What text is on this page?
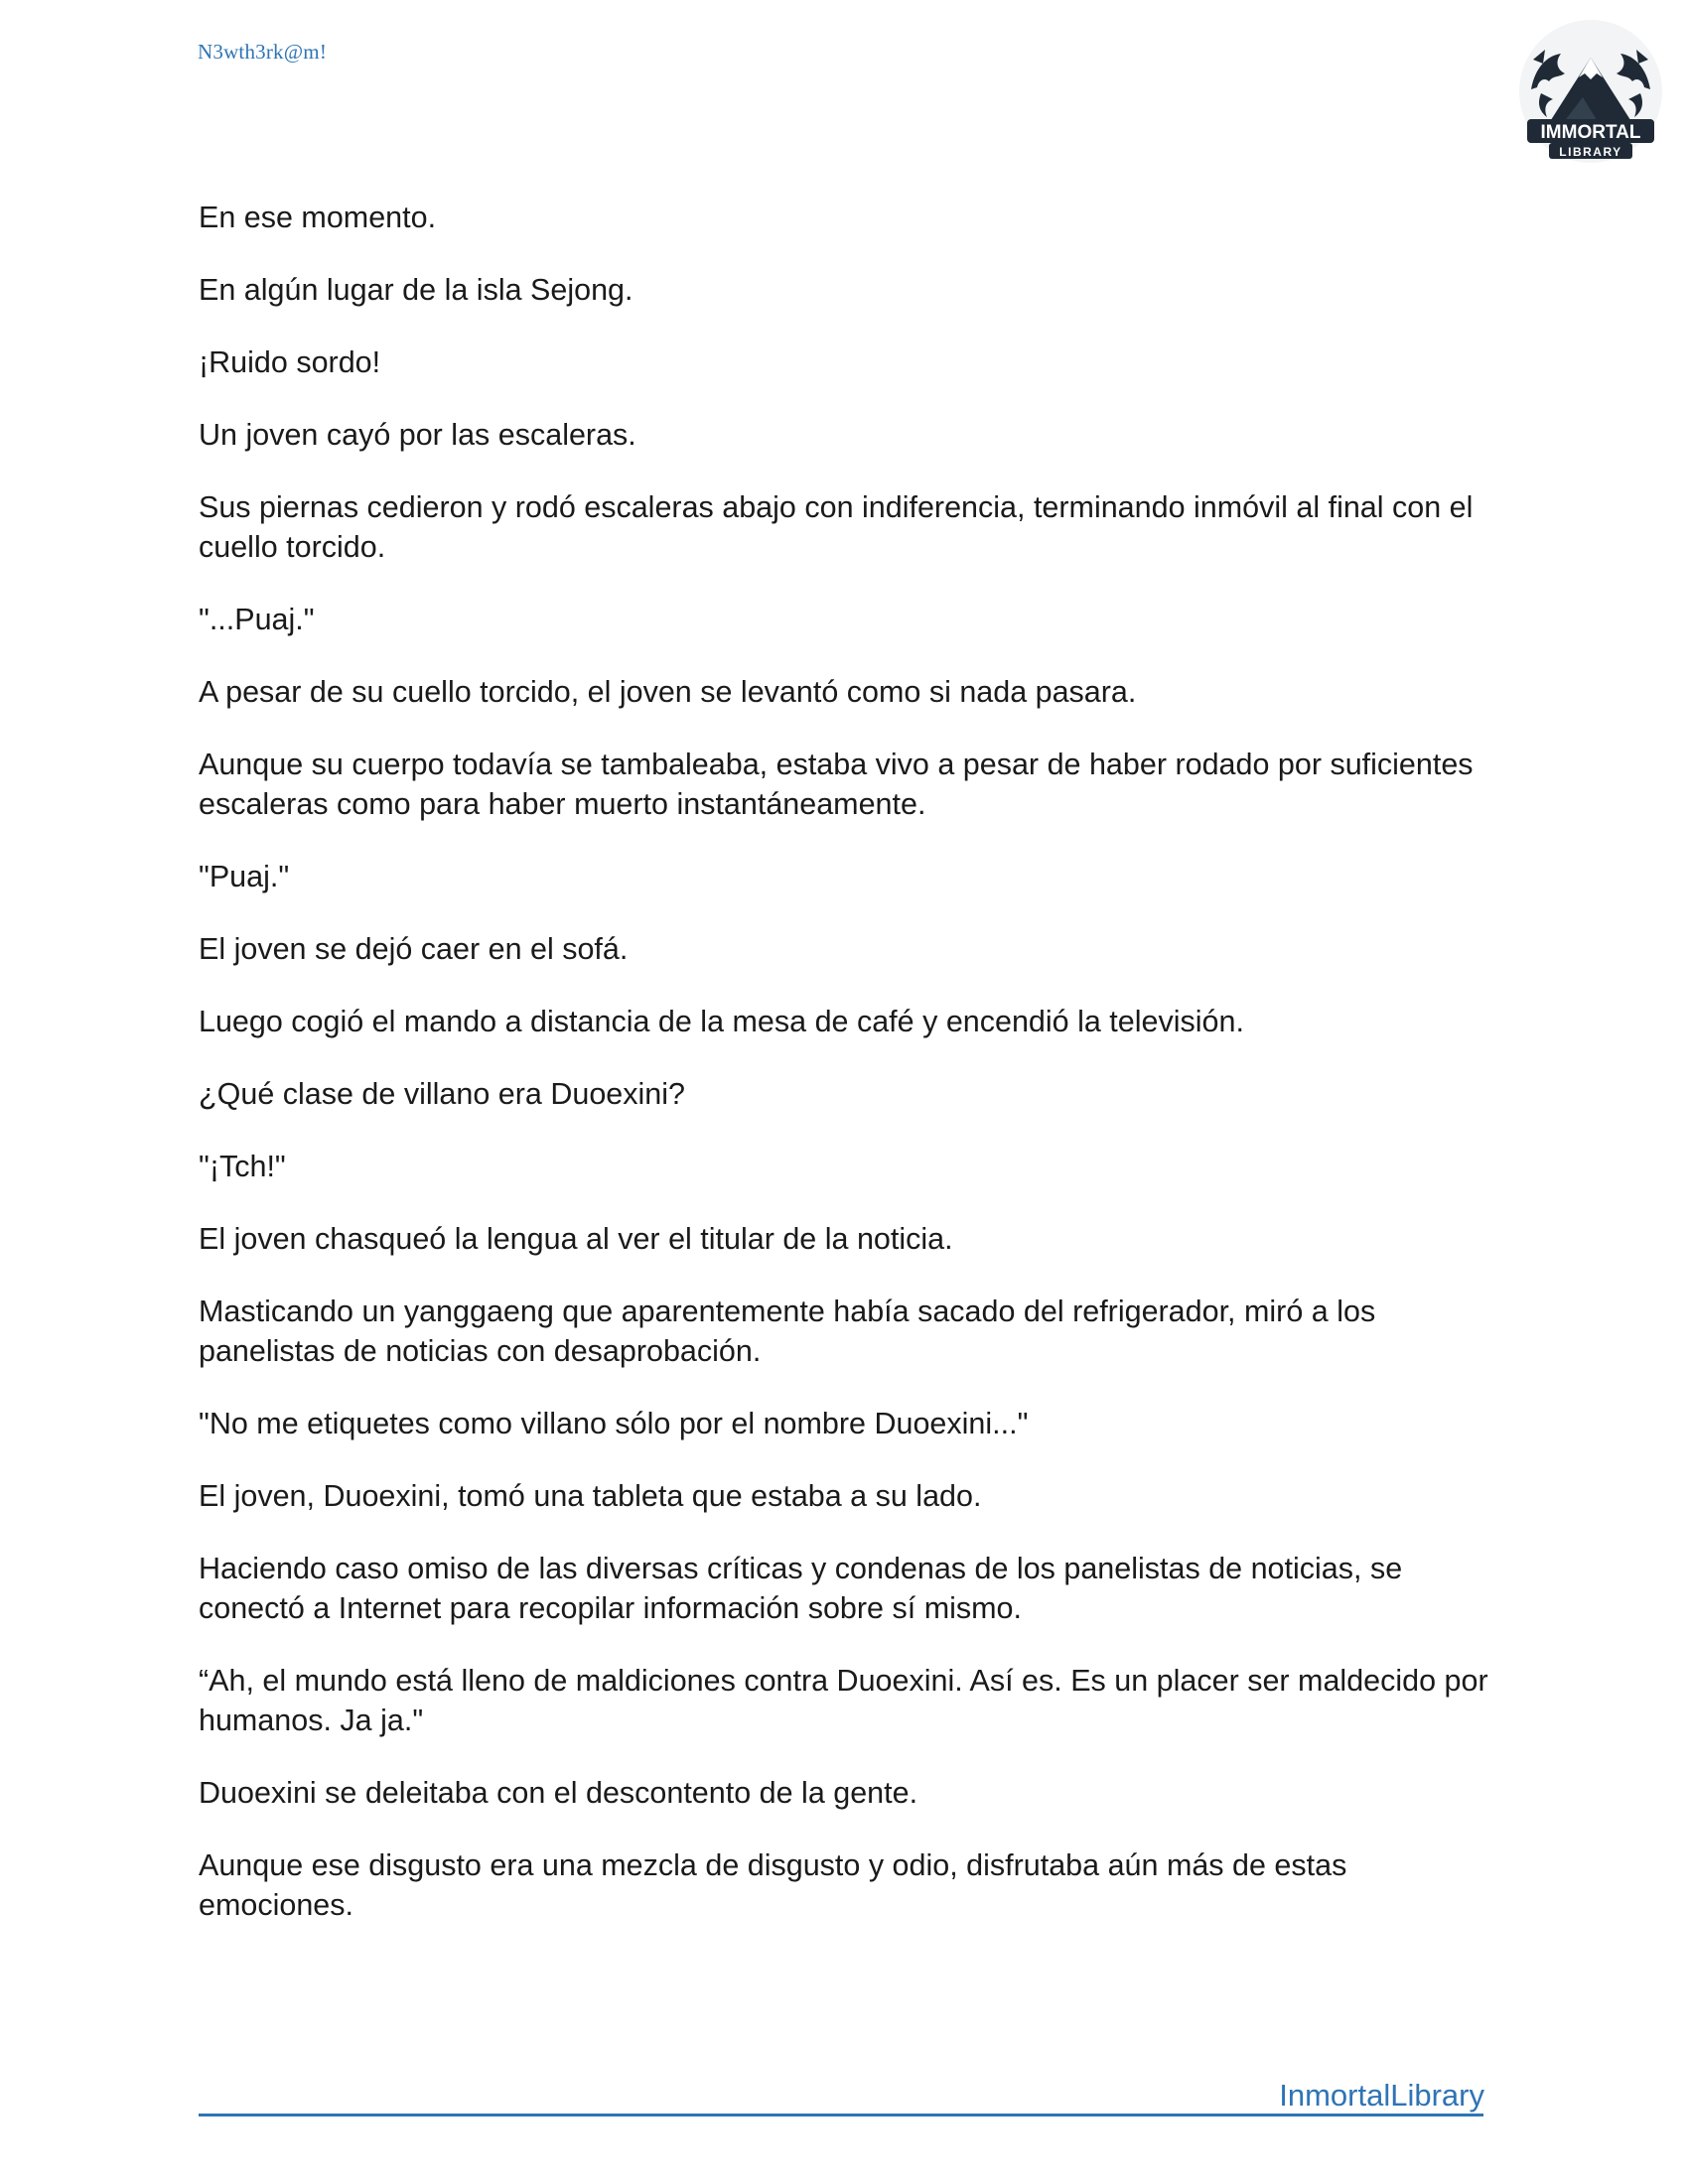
N3wth3rk@m!
IMMORTAL
LIBRARY

En ese momento.

En algún lugar de la isla Sejong.

¡Ruido sordo!

Un joven cayó por las escaleras.

Sus piernas cedieron y rodó escaleras abajo con indiferencia, terminando inmóvil al final con el cuello torcido.

"...Puaj."

A pesar de su cuello torcido, el joven se levantó como si nada pasara.

Aunque su cuerpo todavía se tambaleaba, estaba vivo a pesar de haber rodado por suficientes escaleras como para haber muerto instantáneamente.

"Puaj."

El joven se dejó caer en el sofá.

Luego cogió el mando a distancia de la mesa de café y encendió la televisión.

¿Qué clase de villano era Duoexini?

"¡Tch!"

El joven chasqueó la lengua al ver el titular de la noticia.

Masticando un yanggaeng que aparentemente había sacado del refrigerador, miró a los panelistas de noticias con desaprobación.

"No me etiquetes como villano sólo por el nombre Duoexini..."

El joven, Duoexini, tomó una tableta que estaba a su lado.

Haciendo caso omiso de las diversas críticas y condenas de los panelistas de noticias, se conectó a Internet para recopilar información sobre sí mismo.

“Ah, el mundo está lleno de maldiciones contra Duoexini. Así es. Es un placer ser maldecido por humanos. Ja ja."

Duoexini se deleitaba con el descontento de la gente.

Aunque ese disgusto era una mezcla de disgusto y odio, disfrutaba aún más de estas emociones.

InmortalLibrary
